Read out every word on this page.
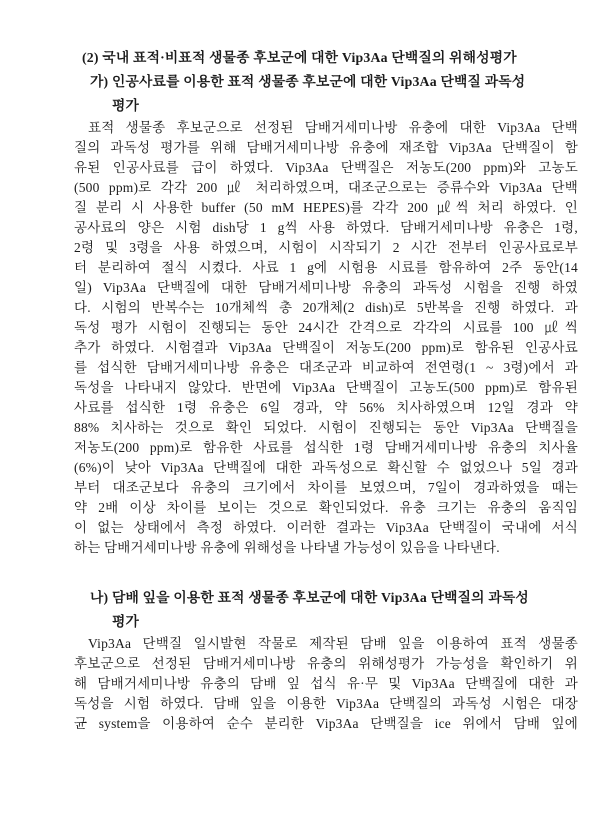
(2) 국내 표적·비표적 생물종 후보군에 대한 Vip3Aa 단백질의 위해성평가
가) 인공사료를 이용한 표적 생물종 후보군에 대한 Vip3Aa 단백질 과독성
평가
표적 생물종 후보군으로 선정된 담배거세미나방 유충에 대한 Vip3Aa 단백
질의 과독성 평가를 위해 담배거세미나방 유충에 재조합 Vip3Aa 단백질이 함
유된 인공사료를 급이 하였다. Vip3Aa 단백질은 저농도(200 ppm)와 고농도
(500 ppm)로 각각 200 ㎕ 처리하였으며, 대조군으로는 증류수와 Vip3Aa 단백
질 분리 시 사용한 buffer (50 mM HEPES)를 각각 200 ㎕씩 처리 하였다. 인
공사료의 양은 시험 dish당 1 g씩 사용 하였다. 담배거세미나방 유충은 1령,
2령 및 3령을 사용 하였으며, 시험이 시작되기 2 시간 전부터 인공사료로부
터 분리하여 절식 시켰다. 사료 1 g에 시험용 시료를 함유하여 2주 동안(14
일) Vip3Aa 단백질에 대한 담배거세미나방 유충의 과독성 시험을 진행 하였
다. 시험의 반복수는 10개체씩 총 20개체(2 dish)로 5반복을 진행 하였다. 과
독성 평가 시험이 진행되는 동안 24시간 간격으로 각각의 시료를 100 ㎕씩
추가 하였다. 시험결과 Vip3Aa 단백질이 저농도(200 ppm)로 함유된 인공사료
를 섭식한 담배거세미나방 유충은 대조군과 비교하여 전연령(1 ~ 3령)에서 과
독성을 나타내지 않았다. 반면에 Vip3Aa 단백질이 고농도(500 ppm)로 함유된
사료를 섭식한 1령 유충은 6일 경과, 약 56% 치사하였으며 12일 경과 약
88% 치사하는 것으로 확인 되었다. 시험이 진행되는 동안 Vip3Aa 단백질을
저농도(200 ppm)로 함유한 사료를 섭식한 1령 담배거세미나방 유충의 치사율
(6%)이 낮아 Vip3Aa 단백질에 대한 과독성으로 확신할 수 없었으나 5일 경과
부터 대조군보다 유충의 크기에서 차이를 보였으며, 7일이 경과하였을 때는
약 2배 이상 차이를 보이는 것으로 확인되었다. 유충 크기는 유충의 움직임
이 없는 상태에서 측정 하였다. 이러한 결과는 Vip3Aa 단백질이 국내에 서식
하는 담배거세미나방 유충에 위해성을 나타낼 가능성이 있음을 나타낸다.
나) 담배 잎을 이용한 표적 생물종 후보군에 대한 Vip3Aa 단백질의 과독성
평가
Vip3Aa 단백질 일시발현 작물로 제작된 담배 잎을 이용하여 표적 생물종
후보군으로 선정된 담배거세미나방 유충의 위해성평가 가능성을 확인하기 위
해 담배거세미나방 유충의 담배 잎 섭식 유·무 및 Vip3Aa 단백질에 대한 과
독성을 시험 하였다. 담배 잎을 이용한 Vip3Aa 단백질의 과독성 시험은 대장
균 system을 이용하여 순수 분리한 Vip3Aa 단백질을 ice 위에서 담배 잎에
